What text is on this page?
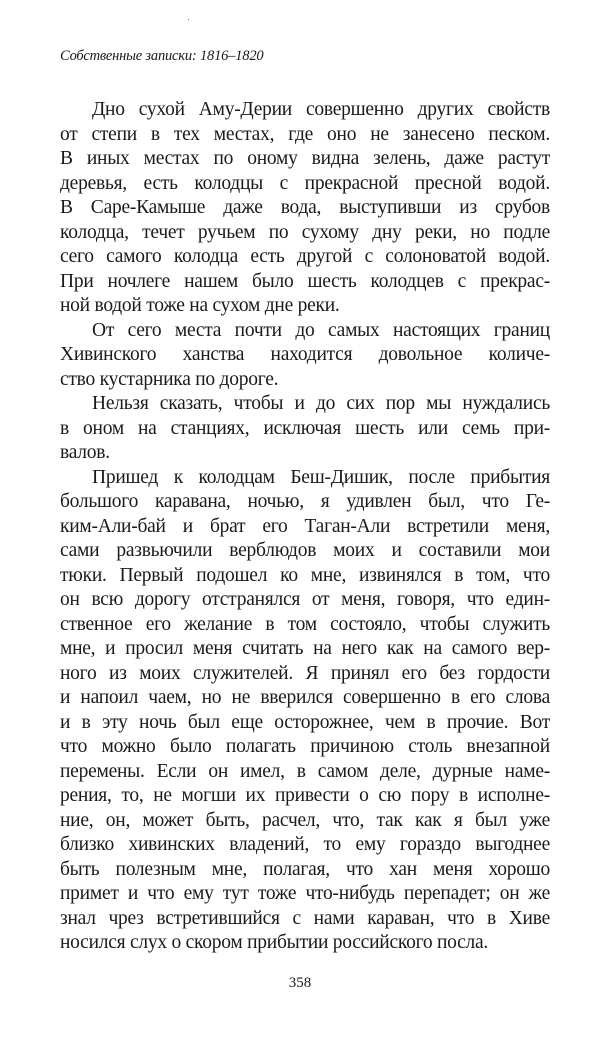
Собственные записки: 1816–1820
Дно сухой Аму-Дерии совершенно других свойств
от степи в тех местах, где оно не занесено песком.
В иных местах по оному видна зелень, даже растут
деревья, есть колодцы с прекрасной пресной водой.
В Саре-Камыше даже вода, выступивши из срубов
колодца, течет ручьем по сухому дну реки, но подле
сего самого колодца есть другой с солоноватой водой.
При ночлеге нашем было шесть колодцев с прекрас-
ной водой тоже на сухом дне реки.
От сего места почти до самых настоящих границ
Хивинского ханства находится довольное количе-
ство кустарника по дороге.
Нельзя сказать, чтобы и до сих пор мы нуждались
в оном на станциях, исключая шесть или семь при-
валов.
Пришед к колодцам Беш-Дишик, после прибытия
большого каравана, ночью, я удивлен был, что Ге-
ким-Али-бай и брат его Таган-Али встретили меня,
сами развьючили верблюдов моих и составили мои
тюки. Первый подошел ко мне, извинялся в том, что
он всю дорогу отстранялся от меня, говоря, что един-
ственное его желание в том состояло, чтобы служить
мне, и просил меня считать на него как на самого вер-
ного из моих служителей. Я принял его без гордости
и напоил чаем, но не вверился совершенно в его слова
и в эту ночь был еще осторожнее, чем в прочие. Вот
что можно было полагать причиною столь внезапной
перемены. Если он имел, в самом деле, дурные наме-
рения, то, не могши их привести о сю пору в исполне-
ние, он, может быть, расчел, что, так как я был уже
близко хивинских владений, то ему гораздо выгоднее
быть полезным мне, полагая, что хан меня хорошо
примет и что ему тут тоже что-нибудь перепадет; он же
знал чрез встретившийся с нами караван, что в Хиве
носился слух о скором прибытии российского посла.
358
